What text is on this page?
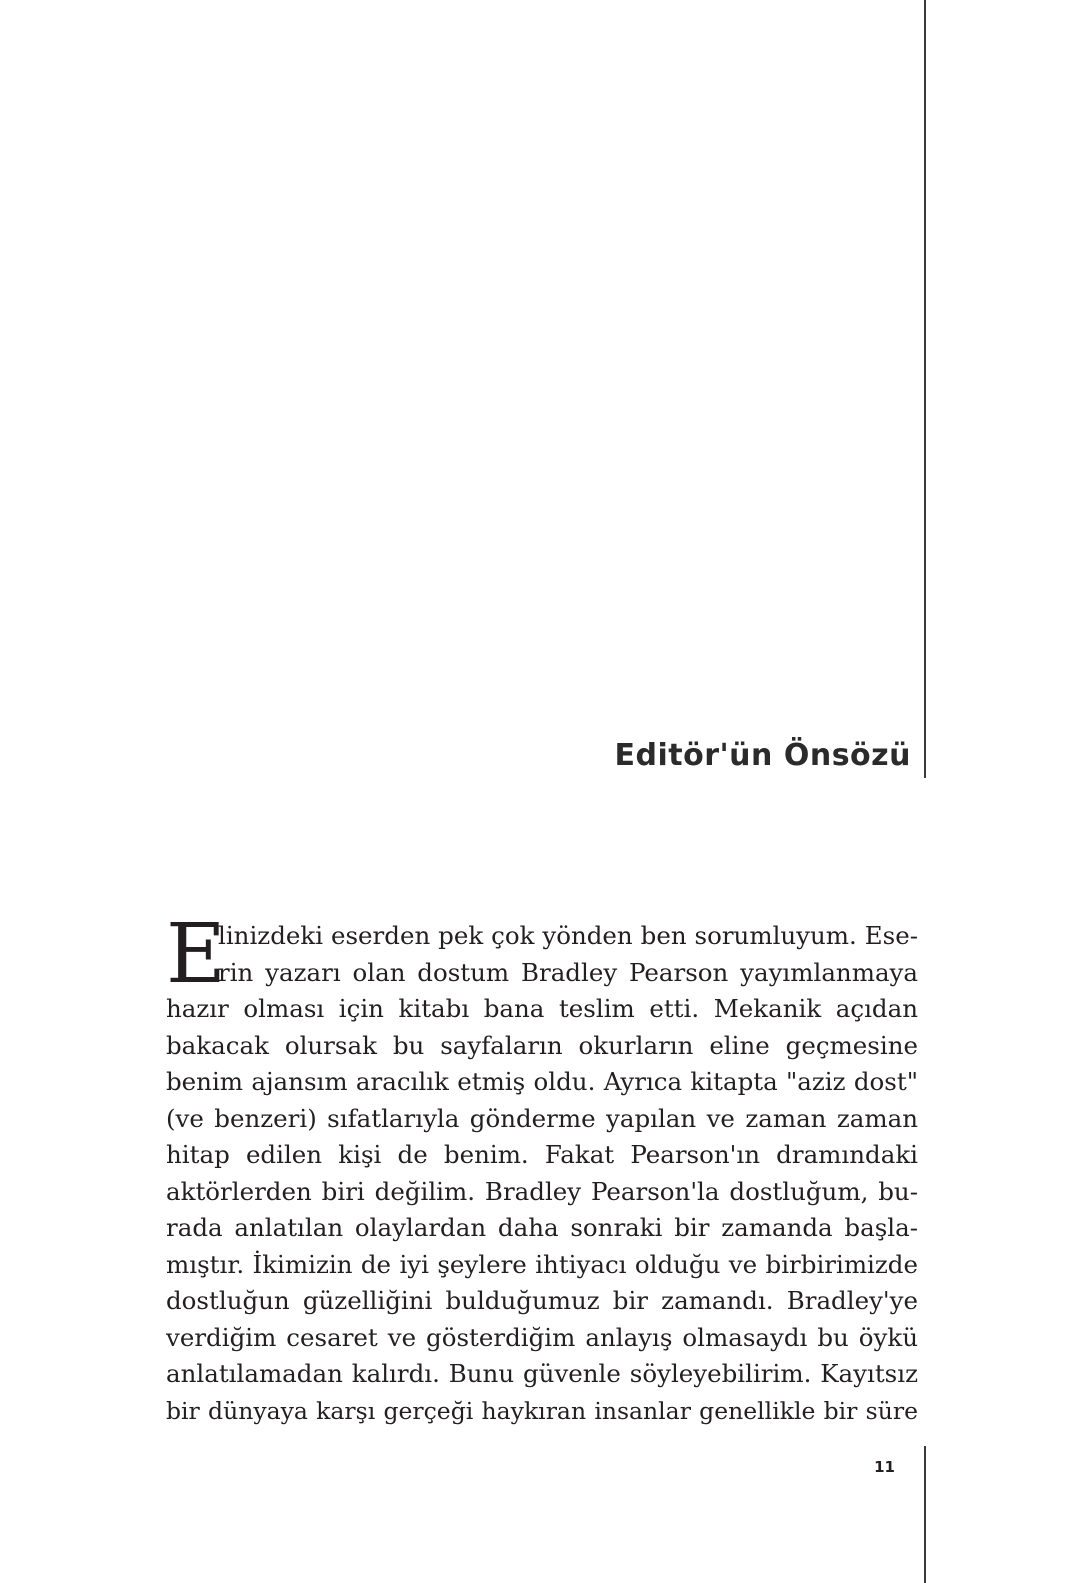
Editör'ün Önsözü
E
linizdeki eserden pek çok yönden ben sorumluyum. Ese-
rin yazarı olan dostum Bradley Pearson yayımlanmaya
hazır olması için kitabı bana teslim etti. Mekanik açıdan
bakacak olursak bu sayfaların okurların eline geçmesine
benim ajansım aracılık etmiş oldu. Ayrıca kitapta "aziz dost"
(ve benzeri) sıfatlarıyla gönderme yapılan ve zaman zaman
hitap edilen kişi de benim. Fakat Pearson'ın dramındaki
aktörlerden biri değilim. Bradley Pearson'la dostluğum, bu-
rada anlatılan olaylardan daha sonraki bir zamanda başla-
mıştır. İkimizin de iyi şeylere ihtiyacı olduğu ve birbirimizde
dostluğun güzelliğini bulduğumuz bir zamandı. Bradley'ye
verdiğim cesaret ve gösterdiğim anlayış olmasaydı bu öykü
anlatılamadan kalırdı. Bunu güvenle söyleyebilirim. Kayıtsız
bir dünyaya karşı gerçeği haykıran insanlar genellikle bir süre

11
